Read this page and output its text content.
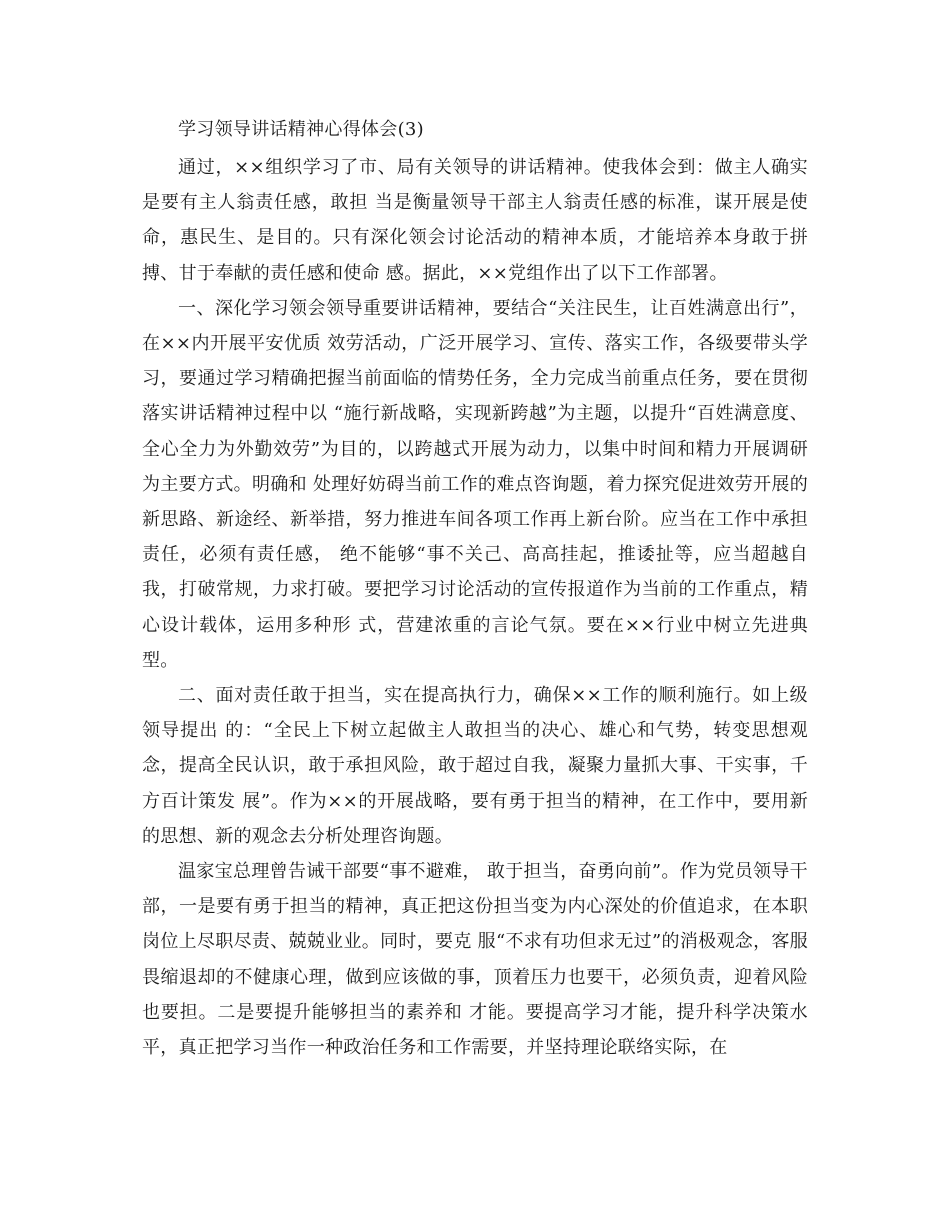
学习领导讲话精神心得体会(3)

通过，××组织学习了市、局有关领导的讲话精神。使我体会到：做主人确实是要有主人翁责任感，敢担 当是衡量领导干部主人翁责任感的标准，谋开展是使命，惠民生、是目的。只有深化领会讨论活动的精神本质，才能培养本身敢于拼搏、甘于奉献的责任感和使命 感。据此，××党组作出了以下工作部署。

一、深化学习领会领导重要讲话精神，要结合“关注民生，让百姓满意出行”，在××内开展平安优质 效劳活动，广泛开展学习、宣传、落实工作，各级要带头学习，要通过学习精确把握当前面临的情势任务，全力完成当前重点任务，要在贯彻落实讲话精神过程中以 “施行新战略，实现新跨越”为主题，以提升“百姓满意度、全心全力为外勤效劳”为目的，以跨越式开展为动力，以集中时间和精力开展调研为主要方式。明确和 处理好妨碍当前工作的难点咨询题，着力探究促进效劳开展的新思路、新途经、新举措，努力推进车间各项工作再上新台阶。应当在工作中承担责任，必须有责任感， 绝不能够“事不关己、高高挂起，推诿扯等，应当超越自我，打破常规，力求打破。要把学习讨论活动的宣传报道作为当前的工作重点，精心设计载体，运用多种形 式，营建浓重的言论气氛。要在××行业中树立先进典型。

二、面对责任敢于担当，实在提高执行力，确保××工作的顺利施行。如上级领导提出 的：“全民上下树立起做主人敢担当的决心、雄心和气势，转变思想观念，提高全民认识，敢于承担风险，敢于超过自我，凝聚力量抓大事、干实事，千方百计策发 展”。作为××的开展战略，要有勇于担当的精神，在工作中，要用新的思想、新的观念去分析处理咨询题。

温家宝总理曾告诫干部要“事不避难， 敢于担当，奋勇向前”。作为党员领导干部，一是要有勇于担当的精神，真正把这份担当变为内心深处的价值追求，在本职岗位上尽职尽责、兢兢业业。同时，要克 服“不求有功但求无过”的消极观念，客服畏缩退却的不健康心理，做到应该做的事，顶着压力也要干，必须负责，迎着风险也要担。二是要提升能够担当的素养和 才能。要提高学习才能，提升科学决策水平，真正把学习当作一种政治任务和工作需要，并坚持理论联络实际，在
